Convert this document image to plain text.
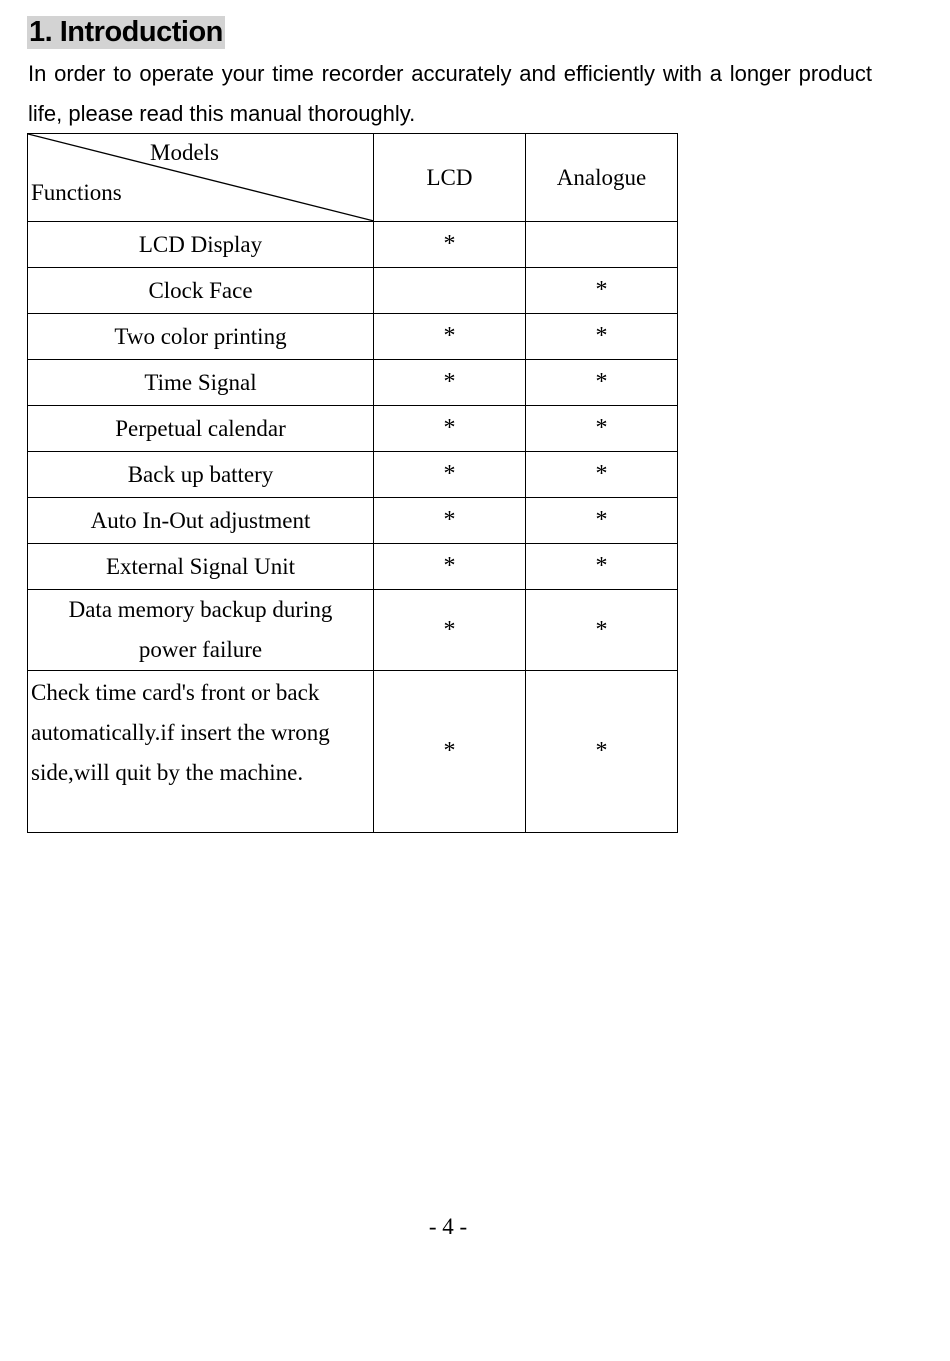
1. Introduction
In order to operate your time recorder accurately and efficiently with a longer product life, please read this manual thoroughly.
Models
Functions	LCD	Analogue
LCD Display	*	
Clock Face		*
Two color printing	*	*
Time Signal	*	*
Perpetual calendar	*	*
Back up battery	*	*
Auto In-Out adjustment	*	*
External Signal Unit	*	*

Data memory backup during
power failure	*	*

Check time card's front or back
automatically.if insert the wrong
side,will quit by the machine.	*	*
- 4 -
